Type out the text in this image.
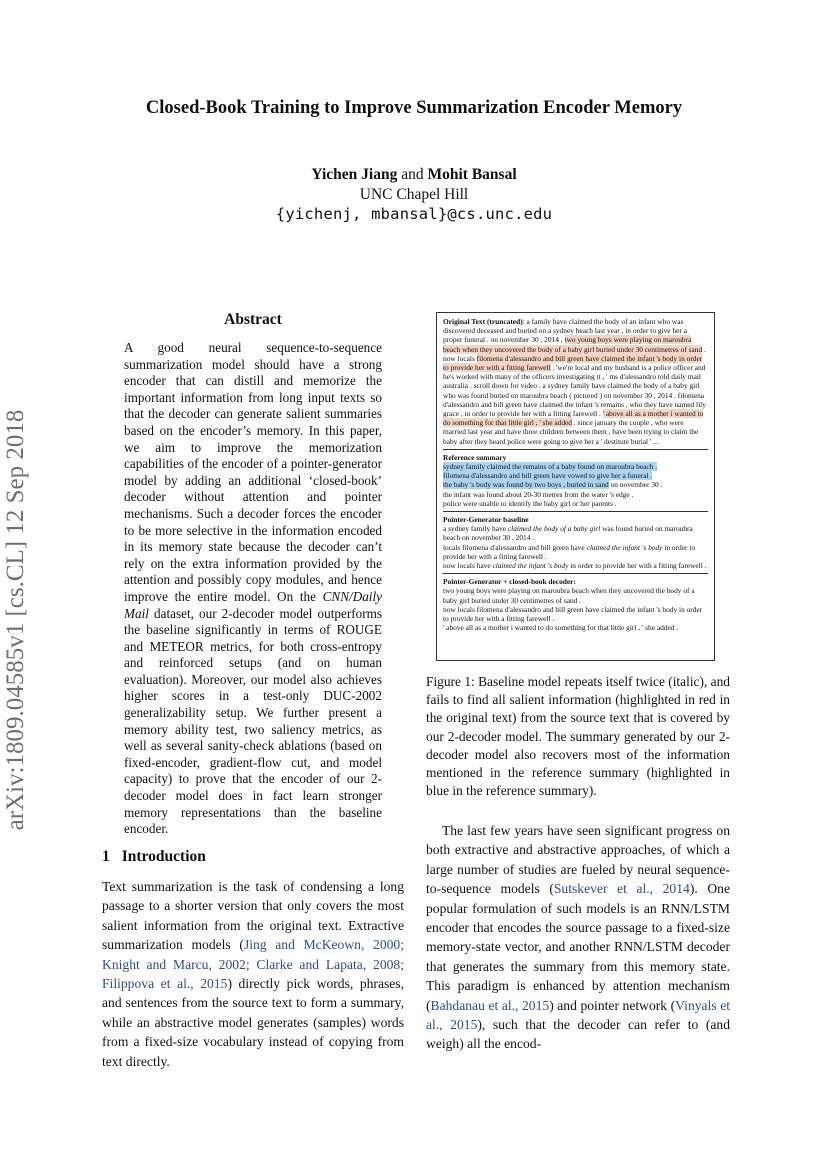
Closed-Book Training to Improve Summarization Encoder Memory
Yichen Jiang and Mohit Bansal
UNC Chapel Hill
{yichenj, mbansal}@cs.unc.edu
arXiv:1809.04585v1 [cs.CL] 12 Sep 2018
Abstract
A good neural sequence-to-sequence summarization model should have a strong encoder that can distill and memorize the important information from long input texts so that the decoder can generate salient summaries based on the encoder’s memory. In this paper, we aim to improve the memorization capabilities of the encoder of a pointer-generator model by adding an additional ‘closed-book’ decoder without attention and pointer mechanisms. Such a decoder forces the encoder to be more selective in the information encoded in its memory state because the decoder can’t rely on the extra information provided by the attention and possibly copy modules, and hence improve the entire model. On the CNN/Daily Mail dataset, our 2-decoder model outperforms the baseline significantly in terms of ROUGE and METEOR metrics, for both cross-entropy and reinforced setups (and on human evaluation). Moreover, our model also achieves higher scores in a test-only DUC-2002 generalizability setup. We further present a memory ability test, two saliency metrics, as well as several sanity-check ablations (based on fixed-encoder, gradient-flow cut, and model capacity) to prove that the encoder of our 2-decoder model does in fact learn stronger memory representations than the baseline encoder.
1 Introduction
Text summarization is the task of condensing a long passage to a shorter version that only covers the most salient information from the original text. Extractive summarization models (Jing and McKeown, 2000; Knight and Marcu, 2002; Clarke and Lapata, 2008; Filippova et al., 2015) directly pick words, phrases, and sentences from the source text to form a summary, while an abstractive model generates (samples) words from a fixed-size vocabulary instead of copying from text directly.
Original Text (truncated): a family have claimed the body of an infant who was discovered deceased and buried on a sydney beach last year , in order to give her a proper funeral . on november 30 , 2014 , two young boys were playing on maroubra beach when they uncovered the body of a baby girl buried under 30 centimetres of sand . now locals filomena d'alessandro and bill green have claimed the infant 's body in order to provide her with a fitting farewell . 'we're local and my husband is a police officer and he's worked with many of the officers investigating it , ' ms d'alessandro told daily mail australia . scroll down for video . a sydney family have claimed the body of a baby girl who was found buried on maroubra beach ( pictured ) on november 30 , 2014 . filomena d'alessandro and bill green have claimed the infant 's remains , who they have named lily grace , in order to provide her with a fitting farewell . ' above all as a mother i wanted to do something for that little girl , ' she added . since january the couple , who were married last year and have three children between them , have been trying to claim the baby after they heard police were going to give her a ' destitute burial ' ...
Reference summary
sydney family claimed the remains of a baby found on maroubra beach .
filomena d'alessandro and bill green have vowed to give her a funeral .
the baby 's body was found by two boys , buried in sand on november 30 .
the infant was found about 20-30 metres from the water 's edge .
police were unable to identify the baby girl or her parents .
Pointer-Generator baseline
a sydney family have claimed the body of a baby girl was found buried on maroubra beach on november 30 , 2014 .
locals filomena d'alessandro and bill green have claimed the infant 's body in order to provide her with a fitting farewell .
now locals have claimed the infant 's body in order to provide her with a fitting farewell .
Pointer-Generator + closed-book decoder:
two young boys were playing on maroubra beach when they uncovered the body of a baby girl buried under 30 centimetres of sand .
now locals filomena d'alessandro and bill green have claimed the infant 's body in order to provide her with a fitting farewell .
' above all as a mother i wanted to do something for that little girl , ' she added .
Figure 1: Baseline model repeats itself twice (italic), and fails to find all salient information (highlighted in red in the original text) from the source text that is covered by our 2-decoder model. The summary generated by our 2-decoder model also recovers most of the information mentioned in the reference summary (highlighted in blue in the reference summary).
The last few years have seen significant progress on both extractive and abstractive approaches, of which a large number of studies are fueled by neural sequence-to-sequence models (Sutskever et al., 2014). One popular formulation of such models is an RNN/LSTM encoder that encodes the source passage to a fixed-size memory-state vector, and another RNN/LSTM decoder that generates the summary from this memory state. This paradigm is enhanced by attention mechanism (Bahdanau et al., 2015) and pointer network (Vinyals et al., 2015), such that the decoder can refer to (and weigh) all the encod-
